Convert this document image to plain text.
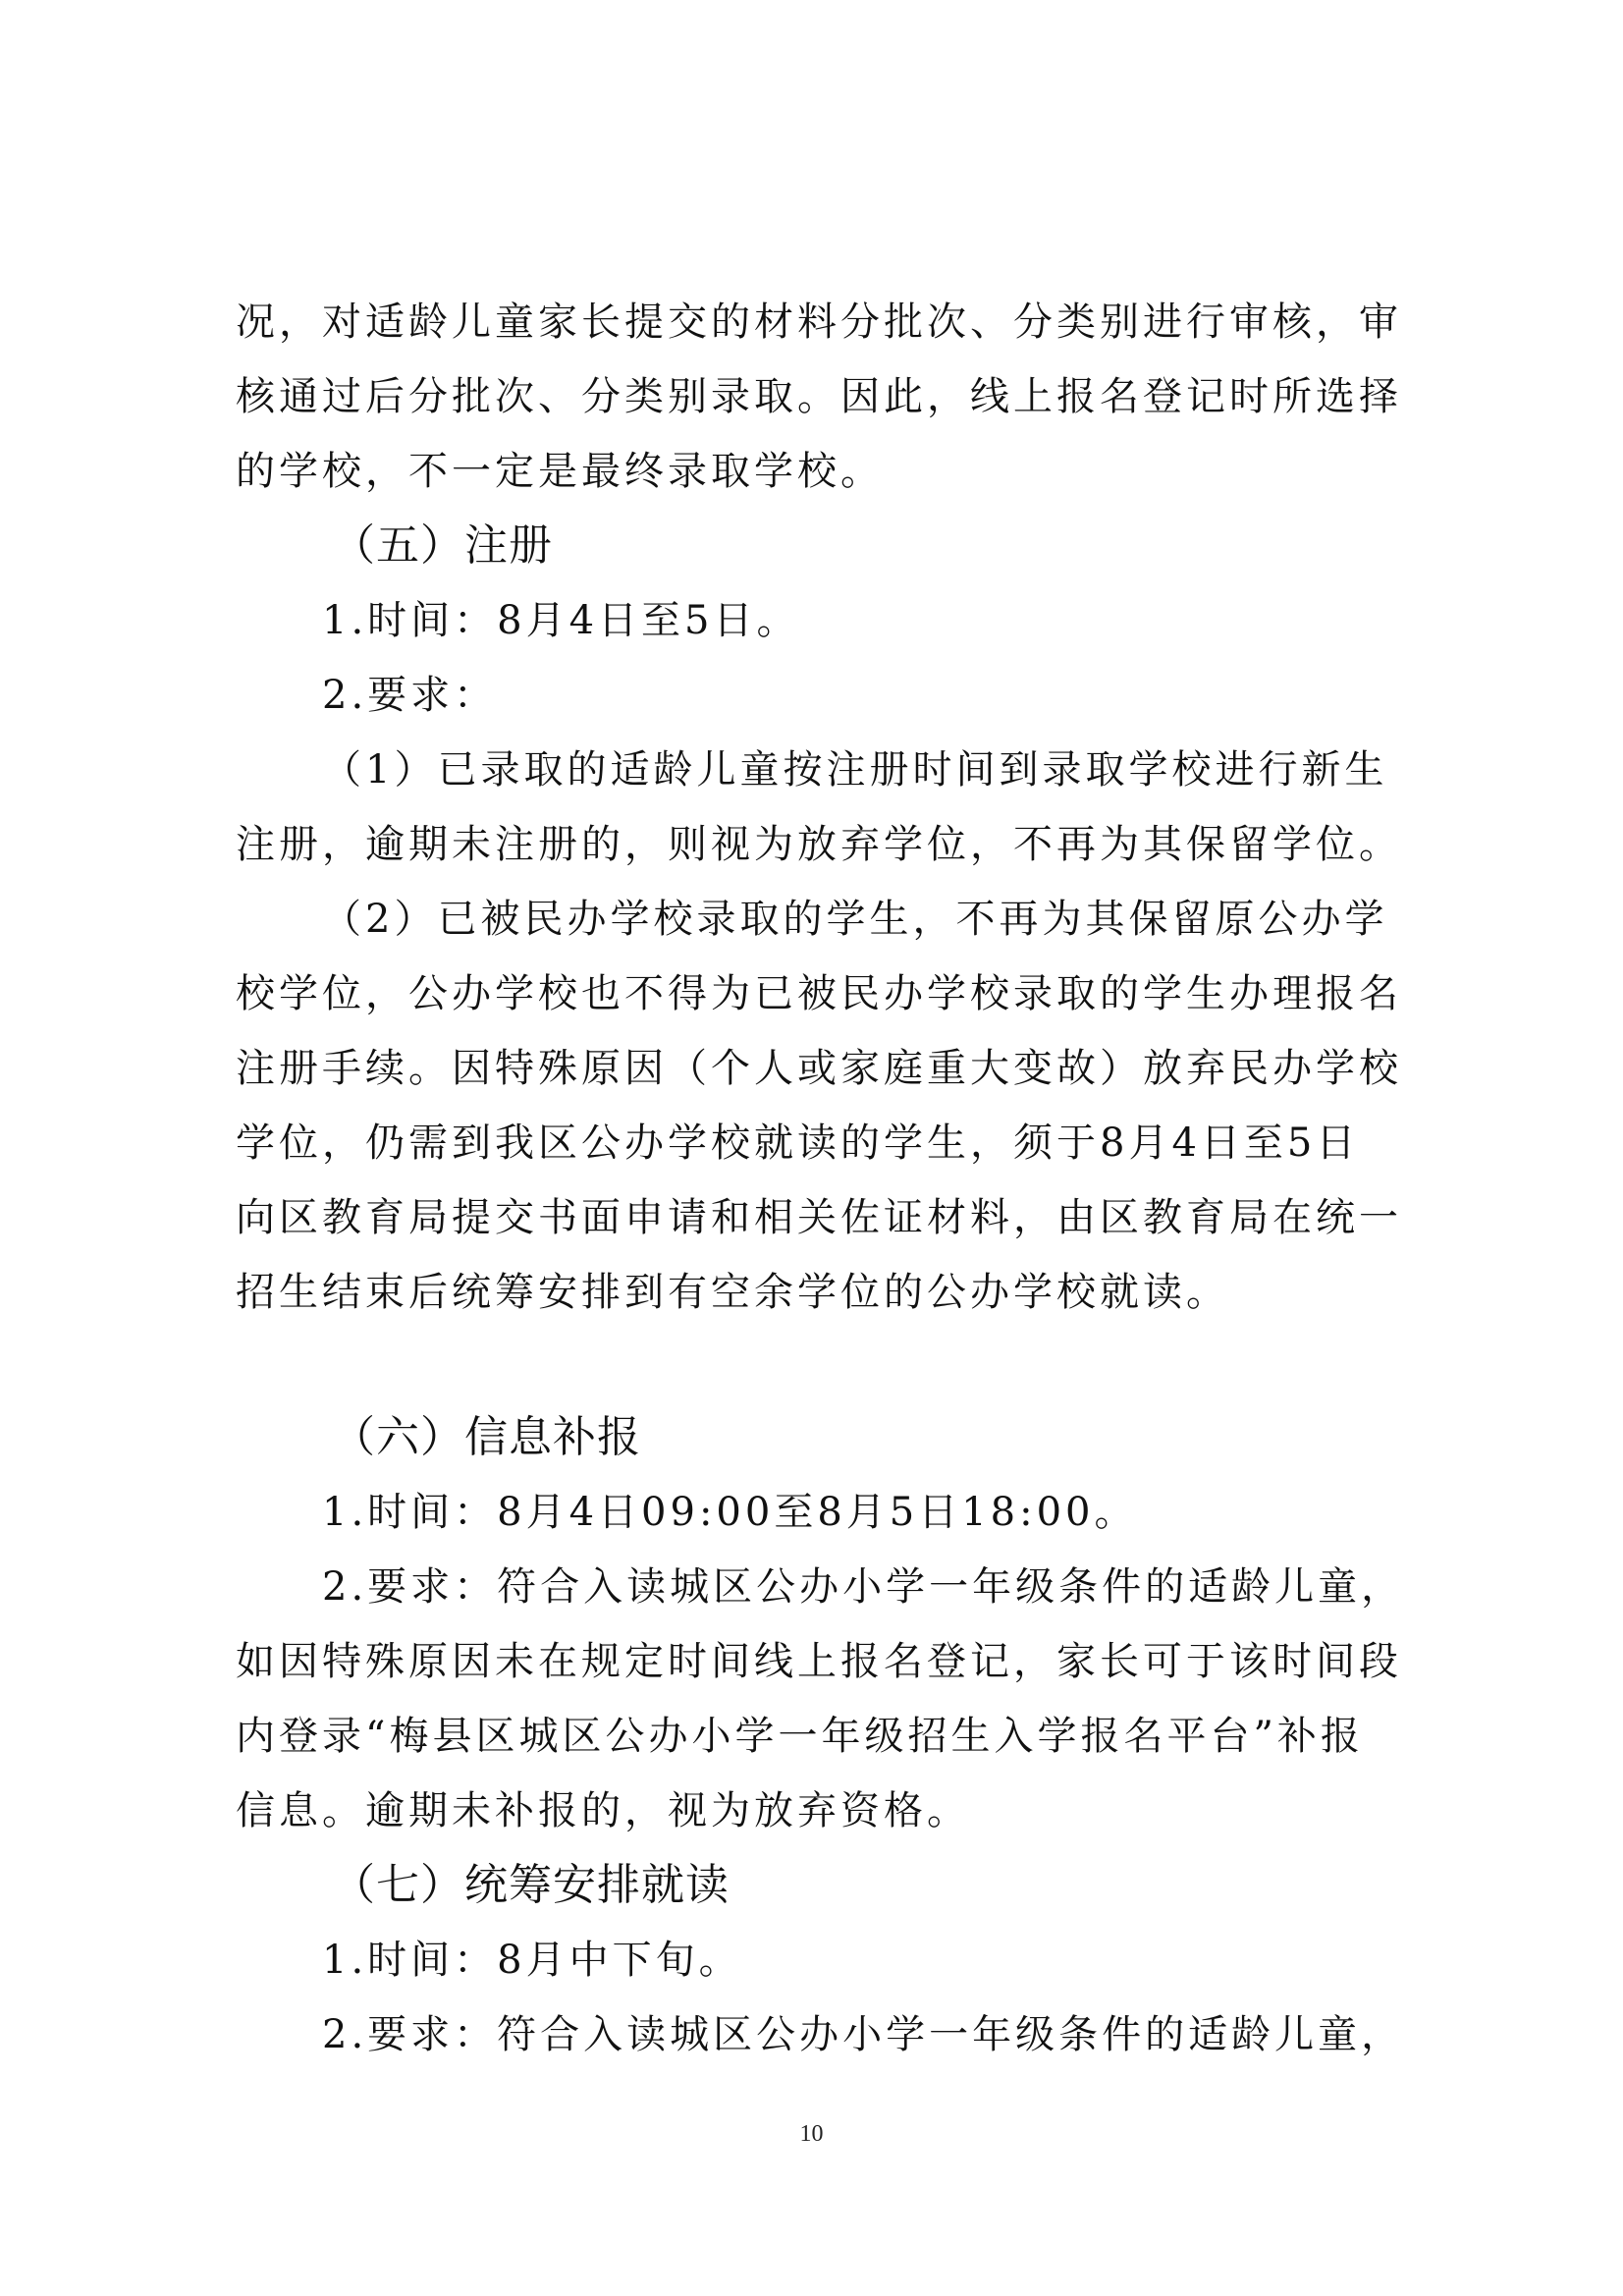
况，对适龄儿童家长提交的材料分批次、分类别进行审核，审
核通过后分批次、分类别录取。因此，线上报名登记时所选择
的学校，不一定是最终录取学校。
（五）注册
1.时间：8月4日至5日。
2.要求：
（1）已录取的适龄儿童按注册时间到录取学校进行新生
注册，逾期未注册的，则视为放弃学位，不再为其保留学位。
（2）已被民办学校录取的学生，不再为其保留原公办学
校学位，公办学校也不得为已被民办学校录取的学生办理报名
注册手续。因特殊原因（个人或家庭重大变故）放弃民办学校
学位，仍需到我区公办学校就读的学生，须于8月4日至5日
向区教育局提交书面申请和相关佐证材料，由区教育局在统一
招生结束后统筹安排到有空余学位的公办学校就读。
（六）信息补报
1.时间：8月4日09:00至8月5日18:00。
2.要求：符合入读城区公办小学一年级条件的适龄儿童，
如因特殊原因未在规定时间线上报名登记，家长可于该时间段
内登录“梅县区城区公办小学一年级招生入学报名平台”补报
信息。逾期未补报的，视为放弃资格。
（七）统筹安排就读
1.时间：8月中下旬。
2.要求：符合入读城区公办小学一年级条件的适龄儿童，
10
